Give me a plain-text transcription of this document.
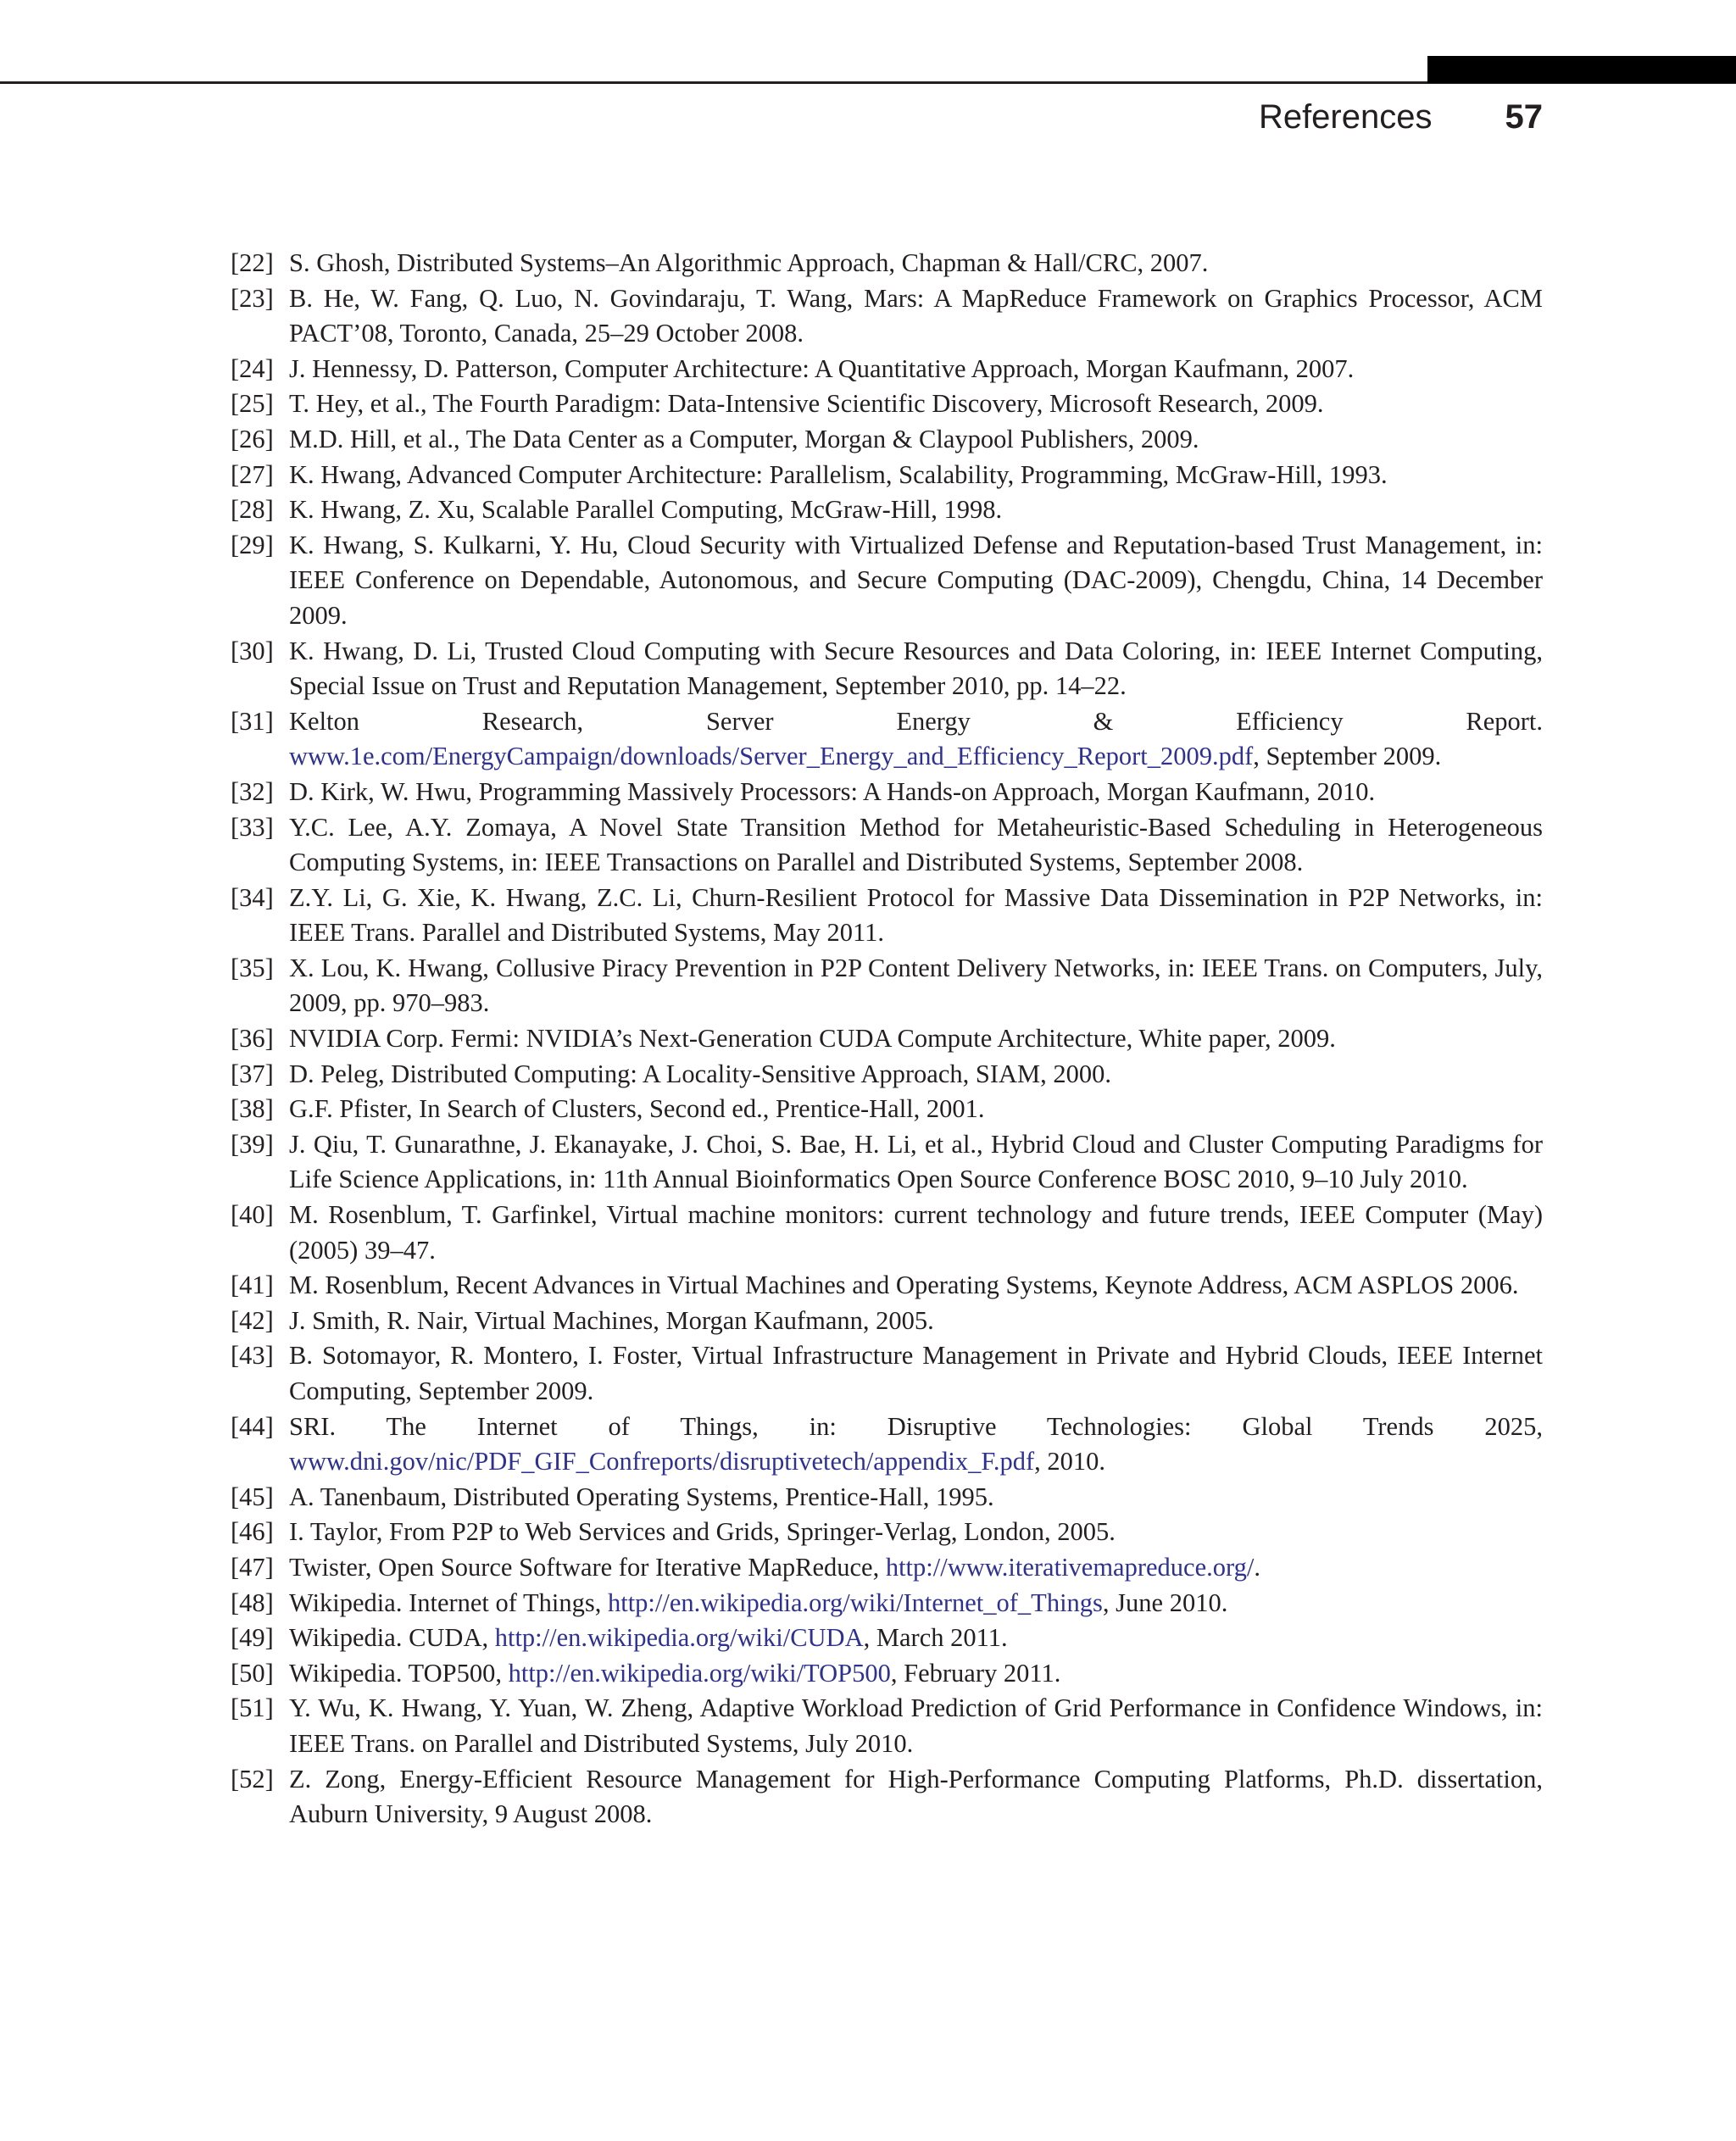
References 57
[22] S. Ghosh, Distributed Systems–An Algorithmic Approach, Chapman & Hall/CRC, 2007.
[23] B. He, W. Fang, Q. Luo, N. Govindaraju, T. Wang, Mars: A MapReduce Framework on Graphics Processor, ACM PACT’08, Toronto, Canada, 25–29 October 2008.
[24] J. Hennessy, D. Patterson, Computer Architecture: A Quantitative Approach, Morgan Kaufmann, 2007.
[25] T. Hey, et al., The Fourth Paradigm: Data-Intensive Scientific Discovery, Microsoft Research, 2009.
[26] M.D. Hill, et al., The Data Center as a Computer, Morgan & Claypool Publishers, 2009.
[27] K. Hwang, Advanced Computer Architecture: Parallelism, Scalability, Programming, McGraw-Hill, 1993.
[28] K. Hwang, Z. Xu, Scalable Parallel Computing, McGraw-Hill, 1998.
[29] K. Hwang, S. Kulkarni, Y. Hu, Cloud Security with Virtualized Defense and Reputation-based Trust Management, in: IEEE Conference on Dependable, Autonomous, and Secure Computing (DAC-2009), Chengdu, China, 14 December 2009.
[30] K. Hwang, D. Li, Trusted Cloud Computing with Secure Resources and Data Coloring, in: IEEE Internet Computing, Special Issue on Trust and Reputation Management, September 2010, pp. 14–22.
[31] Kelton Research, Server Energy & Efficiency Report. www.1e.com/EnergyCampaign/downloads/Server_Energy_and_Efficiency_Report_2009.pdf, September 2009.
[32] D. Kirk, W. Hwu, Programming Massively Processors: A Hands-on Approach, Morgan Kaufmann, 2010.
[33] Y.C. Lee, A.Y. Zomaya, A Novel State Transition Method for Metaheuristic-Based Scheduling in Heterogeneous Computing Systems, in: IEEE Transactions on Parallel and Distributed Systems, September 2008.
[34] Z.Y. Li, G. Xie, K. Hwang, Z.C. Li, Churn-Resilient Protocol for Massive Data Dissemination in P2P Networks, in: IEEE Trans. Parallel and Distributed Systems, May 2011.
[35] X. Lou, K. Hwang, Collusive Piracy Prevention in P2P Content Delivery Networks, in: IEEE Trans. on Computers, July, 2009, pp. 970–983.
[36] NVIDIA Corp. Fermi: NVIDIA’s Next-Generation CUDA Compute Architecture, White paper, 2009.
[37] D. Peleg, Distributed Computing: A Locality-Sensitive Approach, SIAM, 2000.
[38] G.F. Pfister, In Search of Clusters, Second ed., Prentice-Hall, 2001.
[39] J. Qiu, T. Gunarathne, J. Ekanayake, J. Choi, S. Bae, H. Li, et al., Hybrid Cloud and Cluster Computing Paradigms for Life Science Applications, in: 11th Annual Bioinformatics Open Source Conference BOSC 2010, 9–10 July 2010.
[40] M. Rosenblum, T. Garfinkel, Virtual machine monitors: current technology and future trends, IEEE Computer (May) (2005) 39–47.
[41] M. Rosenblum, Recent Advances in Virtual Machines and Operating Systems, Keynote Address, ACM ASPLOS 2006.
[42] J. Smith, R. Nair, Virtual Machines, Morgan Kaufmann, 2005.
[43] B. Sotomayor, R. Montero, I. Foster, Virtual Infrastructure Management in Private and Hybrid Clouds, IEEE Internet Computing, September 2009.
[44] SRI. The Internet of Things, in: Disruptive Technologies: Global Trends 2025, www.dni.gov/nic/PDF_GIF_Confreports/disruptivetech/appendix_F.pdf, 2010.
[45] A. Tanenbaum, Distributed Operating Systems, Prentice-Hall, 1995.
[46] I. Taylor, From P2P to Web Services and Grids, Springer-Verlag, London, 2005.
[47] Twister, Open Source Software for Iterative MapReduce, http://www.iterativemapreduce.org/.
[48] Wikipedia. Internet of Things, http://en.wikipedia.org/wiki/Internet_of_Things, June 2010.
[49] Wikipedia. CUDA, http://en.wikipedia.org/wiki/CUDA, March 2011.
[50] Wikipedia. TOP500, http://en.wikipedia.org/wiki/TOP500, February 2011.
[51] Y. Wu, K. Hwang, Y. Yuan, W. Zheng, Adaptive Workload Prediction of Grid Performance in Confidence Windows, in: IEEE Trans. on Parallel and Distributed Systems, July 2010.
[52] Z. Zong, Energy-Efficient Resource Management for High-Performance Computing Platforms, Ph.D. dissertation, Auburn University, 9 August 2008.
